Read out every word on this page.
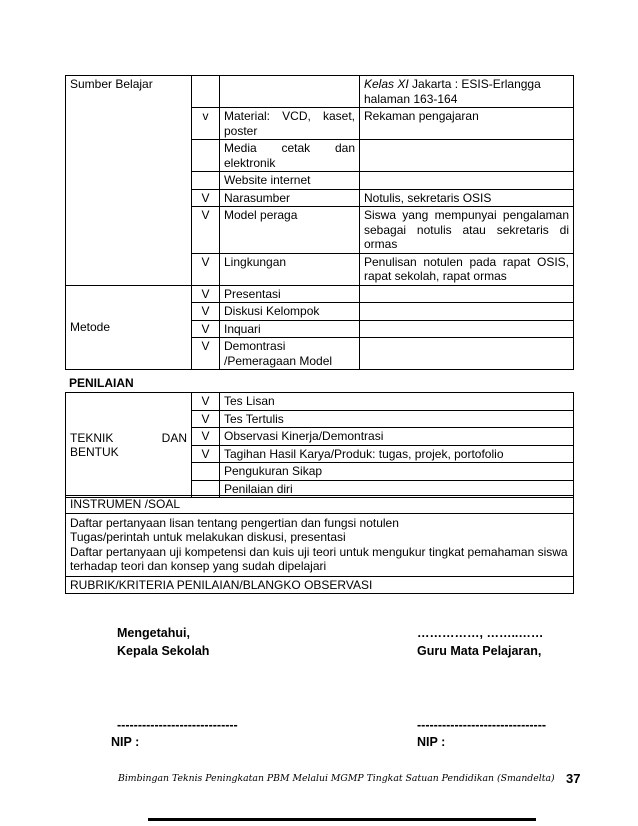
Sumber Belajar			Kelas XI Jakarta : ESIS-Erlangga halaman 163-164
	v	Material: VCD, kaset, poster	Rekaman pengajaran
		Media cetak dan elektronik	
		Website internet	
	V	Narasumber	Notulis, sekretaris OSIS
	V	Model peraga	Siswa yang mempunyai pengalaman sebagai notulis atau sekretaris di ormas
	V	Lingkungan	Penulisan notulen pada rapat OSIS, rapat sekolah, rapat ormas
Metode	V	Presentasi	
	V	Diskusi Kelompok	
	V	Inquari	
	V	Demontrasi /Pemeragaan Model	
PENILAIAN
TEKNIK DAN BENTUK	V	Tes Lisan
	V	Tes Tertulis
	V	Observasi Kinerja/Demontrasi
	V	Tagihan Hasil Karya/Produk: tugas, projek, portofolio
		Pengukuran Sikap
		Penilaian diri
INSTRUMEN /SOAL

Daftar pertanyaan lisan tentang pengertian dan fungsi notulen
Tugas/perintah untuk melakukan diskusi, presentasi
Daftar pertanyaan uji kompetensi dan kuis uji teori untuk mengukur tingkat pemahaman siswa terhadap teori dan konsep yang sudah dipelajari

RUBRIK/KRITERIA PENILAIAN/BLANGKO OBSERVASI
Mengetahui,
Kepala Sekolah
……………, ……..……
Guru Mata Pelajaran,
-----------------------------
NIP :
-------------------------------
NIP :
Bimbingan Teknis Peningkatan PBM Melalui MGMP Tingkat Satuan Pendidikan (Smandelta) 37
